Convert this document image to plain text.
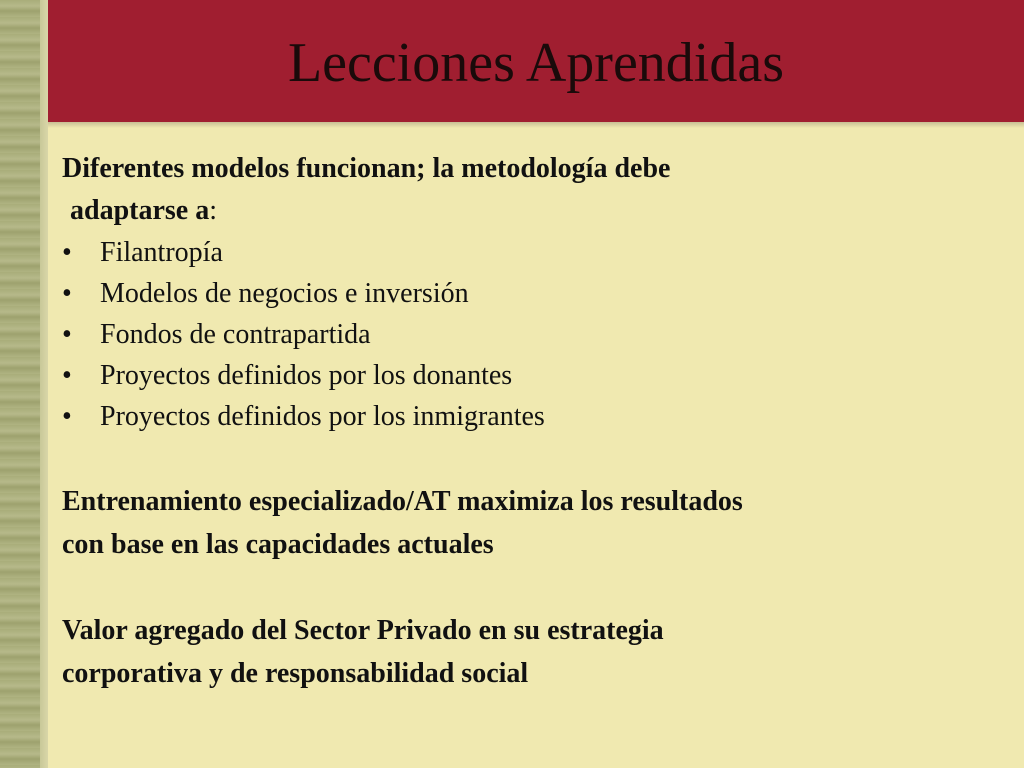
Lecciones Aprendidas

Diferentes modelos funcionan; la metodología debe
adaptarse a:

• Filantropía
• Modelos de negocios e inversión
• Fondos de contrapartida
• Proyectos definidos por los donantes
• Proyectos definidos por los inmigrantes

Entrenamiento especializado/AT maximiza los resultados
con base en las capacidades actuales

Valor agregado del Sector Privado en su estrategia
corporativa y de responsabilidad social
